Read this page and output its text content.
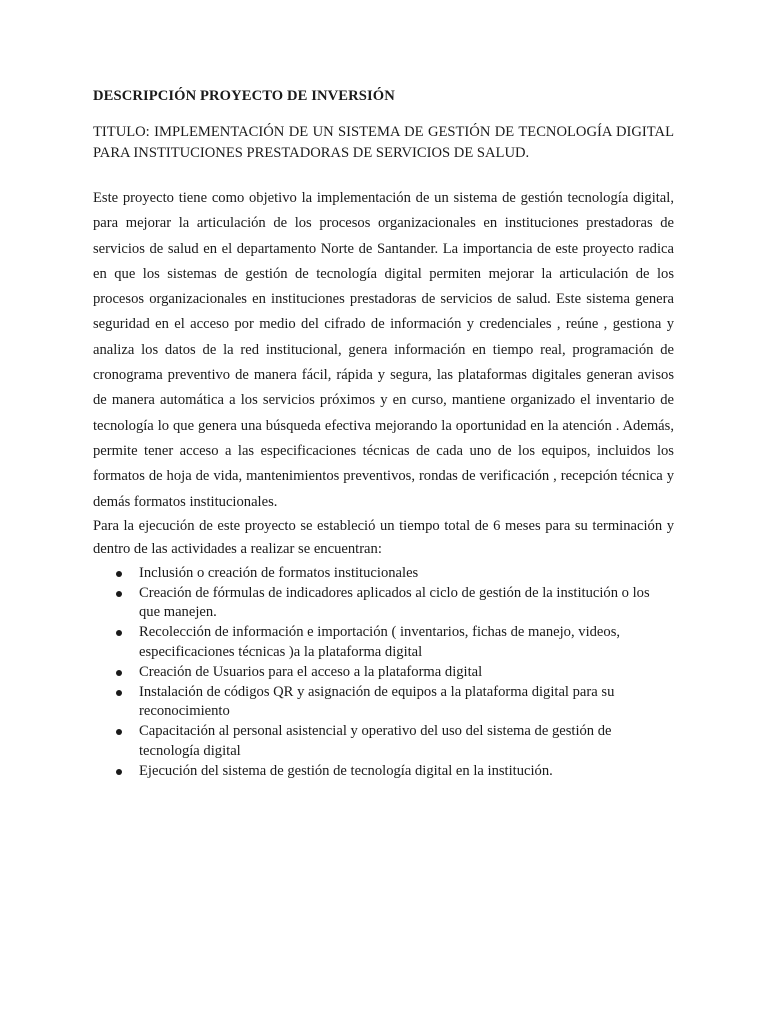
DESCRIPCIÓN PROYECTO DE INVERSIÓN

TITULO: IMPLEMENTACIÓN DE UN SISTEMA DE GESTIÓN DE TECNOLOGÍA DIGITAL PARA INSTITUCIONES PRESTADORAS DE SERVICIOS DE SALUD.

Este proyecto tiene como objetivo la implementación de un sistema de gestión tecnología digital, para mejorar la articulación de los procesos organizacionales en instituciones prestadoras de servicios de salud en el departamento Norte de Santander. La importancia de este proyecto radica en que los sistemas de gestión de tecnología digital permiten mejorar la articulación de los procesos organizacionales en instituciones prestadoras de servicios de salud. Este sistema genera seguridad en el acceso por medio del cifrado de información y credenciales , reúne , gestiona y analiza los datos de la red institucional, genera información en tiempo real, programación de cronograma preventivo de manera fácil, rápida y segura, las plataformas digitales generan avisos de manera automática a los servicios próximos y en curso, mantiene organizado el inventario de tecnología lo que genera una búsqueda efectiva mejorando la oportunidad en la atención . Además, permite tener acceso a las especificaciones técnicas de cada uno de los equipos, incluidos los formatos de hoja de vida, mantenimientos preventivos, rondas de verificación , recepción técnica y demás formatos institucionales.

Para la ejecución de este proyecto se estableció un tiempo total de 6 meses para su terminación y dentro de las actividades a realizar se encuentran:

Inclusión o creación de formatos institucionales
Creación de fórmulas de indicadores aplicados al ciclo de gestión de la institución o los que manejen.
Recolección de información e importación ( inventarios, fichas de manejo, videos, especificaciones técnicas )a la plataforma digital
Creación de Usuarios para el acceso a la plataforma digital
Instalación de códigos QR y asignación de equipos a la plataforma digital para su reconocimiento
Capacitación al personal asistencial y operativo del uso del sistema de gestión de tecnología digital
Ejecución del sistema de gestión de tecnología digital en la institución.
